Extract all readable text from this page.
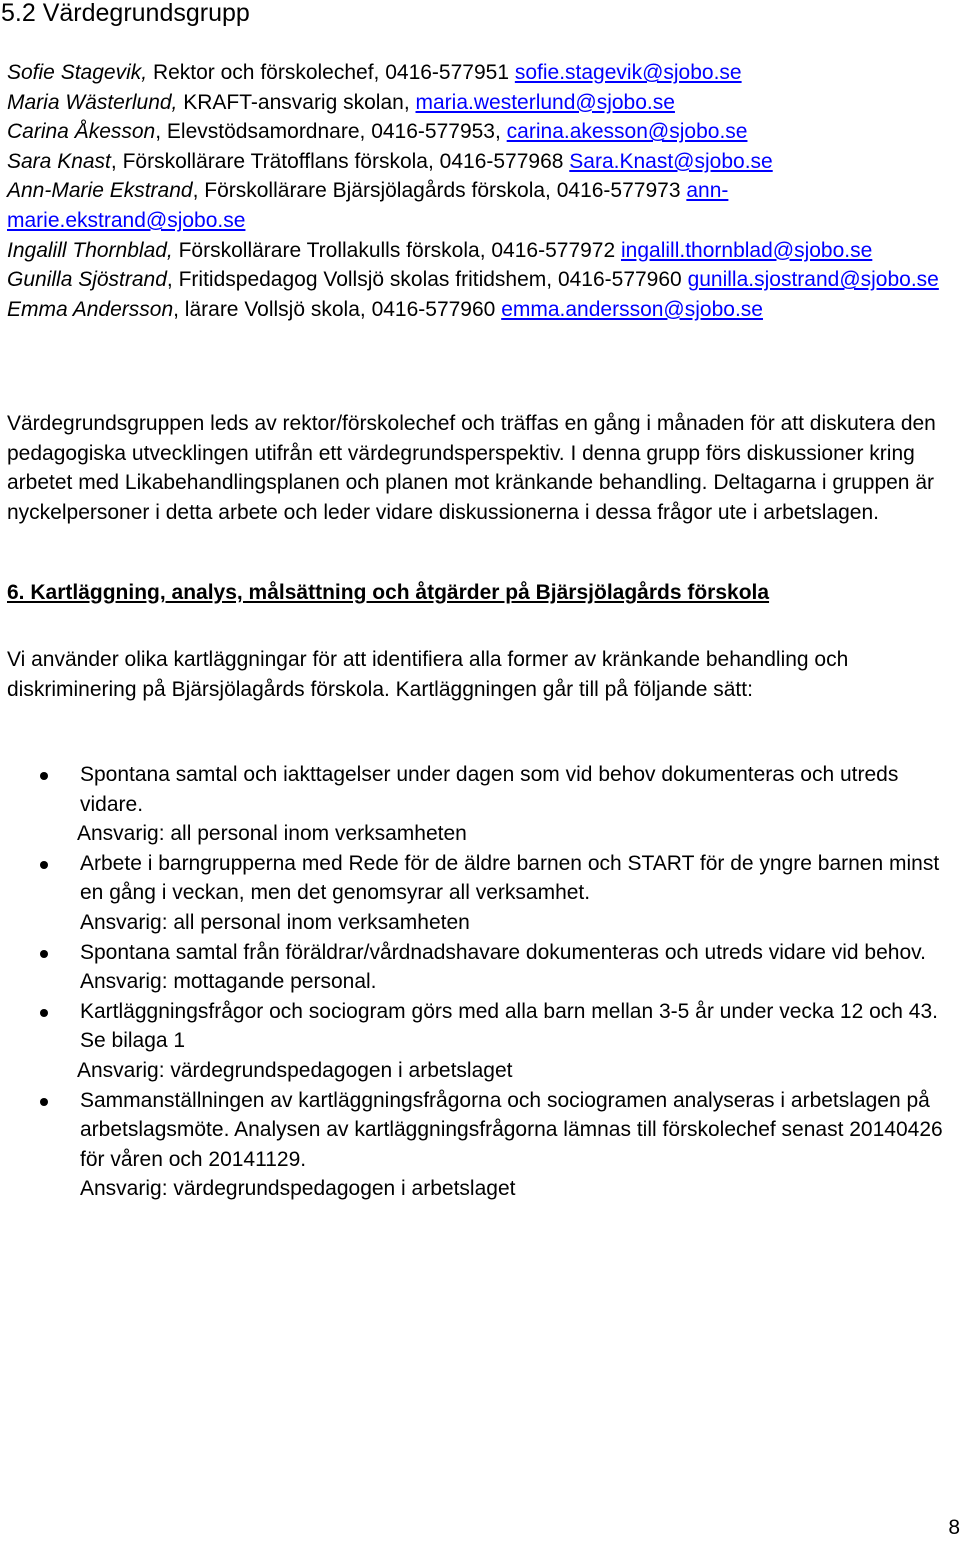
5.2 Värdegrundsgrupp
Sofie Stagevik, Rektor och förskolechef, 0416-577951 sofie.stagevik@sjobo.se
Maria Wästerlund, KRAFT-ansvarig skolan, maria.westerlund@sjobo.se
Carina Åkesson, Elevstödsamordnare, 0416-577953, carina.akesson@sjobo.se
Sara Knast, Förskollärare Trätofflans förskola, 0416-577968 Sara.Knast@sjobo.se
Ann-Marie Ekstrand, Förskollärare Bjärsjölagårds förskola, 0416-577973 ann-marie.ekstrand@sjobo.se
Ingalill Thornblad, Förskollärare Trollakulls förskola, 0416-577972 ingalill.thornblad@sjobo.se
Gunilla Sjöstrand, Fritidspedagog Vollsjö skolas fritidshem, 0416-577960 gunilla.sjostrand@sjobo.se
Emma Andersson, lärare Vollsjö skola, 0416-577960 emma.andersson@sjobo.se

Värdegrundsgruppen leds av rektor/förskolechef och träffas en gång i månaden för att diskutera den pedagogiska utvecklingen utifrån ett värdegrundsperspektiv. I denna grupp förs diskussioner kring arbetet med Likabehandlingsplanen och planen mot kränkande behandling. Deltagarna i gruppen är nyckelpersoner i detta arbete och leder vidare diskussionerna i dessa frågor ute i arbetslagen.

6. Kartläggning, analys, målsättning och åtgärder på Bjärsjölagårds förskola

Vi använder olika kartläggningar för att identifiera alla former av kränkande behandling och diskriminering på Bjärsjölagårds förskola. Kartläggningen går till på följande sätt:

Spontana samtal och iakttagelser under dagen som vid behov dokumenteras och utreds vidare.
Ansvarig: all personal inom verksamheten
Arbete i barngrupperna med Rede för de äldre barnen och START för de yngre barnen minst en gång i veckan, men det genomsyrar all verksamhet.
Ansvarig: all personal inom verksamheten
Spontana samtal från föräldrar/vårdnadshavare dokumenteras och utreds vidare vid behov.
Ansvarig: mottagande personal.
Kartläggningsfrågor och sociogram görs med alla barn mellan 3-5 år under vecka 12 och 43. Se bilaga 1
Ansvarig: värdegrundspedagogen i arbetslaget
Sammanställningen av kartläggningsfrågorna och sociogramen analyseras i arbetslagen på arbetslagsmöte. Analysen av kartläggningsfrågorna lämnas till förskolechef senast 20140426 för våren och 20141129.
Ansvarig: värdegrundspedagogen i arbetslaget
8
